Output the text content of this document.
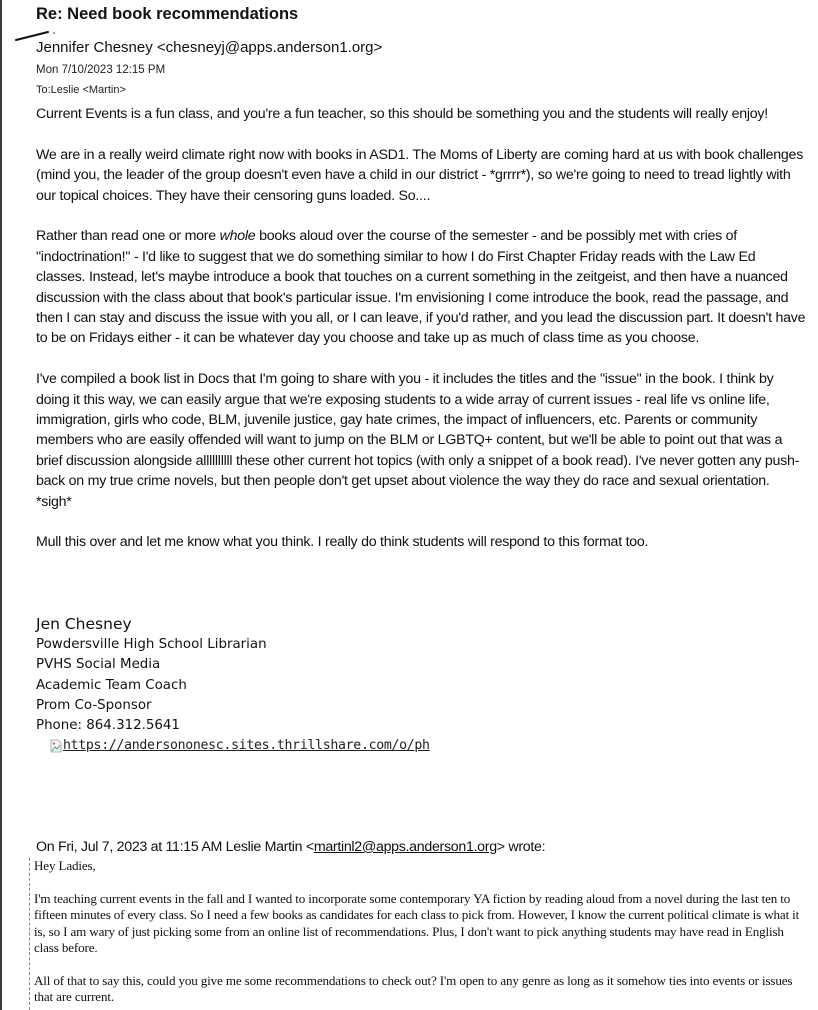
Re: Need book recommendations
Jennifer Chesney <chesneyj@apps.anderson1.org>
Mon 7/10/2023 12:15 PM
To:Leslie <Martin>

Current Events is a fun class, and you're a fun teacher, so this should be something you and the students will really enjoy!

We are in a really weird climate right now with books in ASD1. The Moms of Liberty are coming hard at us with book challenges (mind you, the leader of the group doesn't even have a child in our district - *grrrr*), so we're going to need to tread lightly with our topical choices. They have their censoring guns loaded. So....

Rather than read one or more whole books aloud over the course of the semester - and be possibly met with cries of "indoctrination!" - I'd like to suggest that we do something similar to how I do First Chapter Friday reads with the Law Ed classes. Instead, let's maybe introduce a book that touches on a current something in the zeitgeist, and then have a nuanced discussion with the class about that book's particular issue. I'm envisioning I come introduce the book, read the passage, and then I can stay and discuss the issue with you all, or I can leave, if you'd rather, and you lead the discussion part. It doesn't have to be on Fridays either - it can be whatever day you choose and take up as much of class time as you choose.

I've compiled a book list in Docs that I'm going to share with you - it includes the titles and the "issue" in the book. I think by doing it this way, we can easily argue that we're exposing students to a wide array of current issues - real life vs online life, immigration, girls who code, BLM, juvenile justice, gay hate crimes, the impact of influencers, etc. Parents or community members who are easily offended will want to jump on the BLM or LGBTQ+ content, but we'll be able to point out that was a brief discussion alongside allllllllll these other current hot topics (with only a snippet of a book read). I've never gotten any push-back on my true crime novels, but then people don't get upset about violence the way they do race and sexual orientation. *sigh*

Mull this over and let me know what you think. I really do think students will respond to this format too.

Jen Chesney
Powdersville High School Librarian
PVHS Social Media
Academic Team Coach
Prom Co-Sponsor
Phone: 864.312.5641
https://andersononesc.sites.thrillshare.com/o/ph
On Fri, Jul 7, 2023 at 11:15 AM Leslie Martin <martinl2@apps.anderson1.org> wrote:
Hey Ladies,

I'm teaching current events in the fall and I wanted to incorporate some contemporary YA fiction by reading aloud from a novel during the last ten to fifteen minutes of every class. So I need a few books as candidates for each class to pick from. However, I know the current political climate is what it is, so I am wary of just picking some from an online list of recommendations. Plus, I don't want to pick anything students may have read in English class before.

All of that to say this, could you give me some recommendations to check out? I'm open to any genre as long as it somehow ties into events or issues that are current.
